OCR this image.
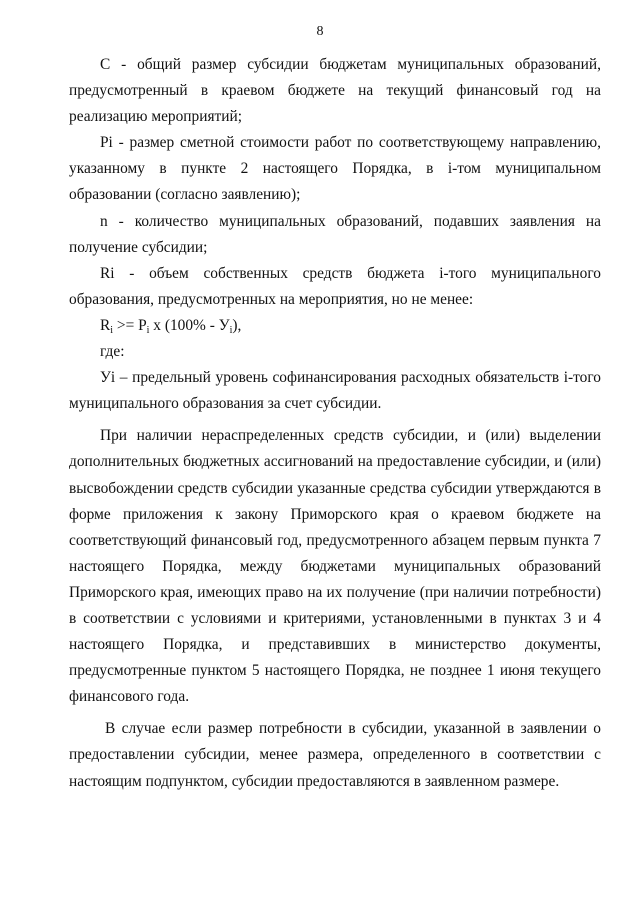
8

С - общий размер субсидии бюджетам муниципальных образований, предусмотренный в краевом бюджете на текущий финансовый год на реализацию мероприятий;

Pi - размер сметной стоимости работ по соответствующему направлению, указанному в пункте 2 настоящего Порядка, в i-том муниципальном образовании (согласно заявлению);

n - количество муниципальных образований, подавших заявления на получение субсидии;

Ri - объем собственных средств бюджета i-того муниципального образования, предусмотренных на мероприятия, но не менее:

$R_i >= P_i$ x $(100\% - У_i)$,

где:

Уi – предельный уровень софинансирования расходных обязательств i-того муниципального образования за счет субсидии.

При наличии нераспределенных средств субсидии, и (или) выделении дополнительных бюджетных ассигнований на предоставление субсидии, и (или) высвобождении средств субсидии указанные средства субсидии утверждаются в форме приложения к закону Приморского края о краевом бюджете на соответствующий финансовый год, предусмотренного абзацем первым пункта 7 настоящего Порядка, между бюджетами муниципальных образований Приморского края, имеющих право на их получение (при наличии потребности) в соответствии с условиями и критериями, установленными в пунктах 3 и 4 настоящего Порядка, и представивших в министерство документы, предусмотренные пунктом 5 настоящего Порядка, не позднее 1 июня текущего финансового года.

В случае если размер потребности в субсидии, указанной в заявлении о предоставлении субсидии, менее размера, определенного в соответствии с настоящим подпунктом, субсидии предоставляются в заявленном размере.
